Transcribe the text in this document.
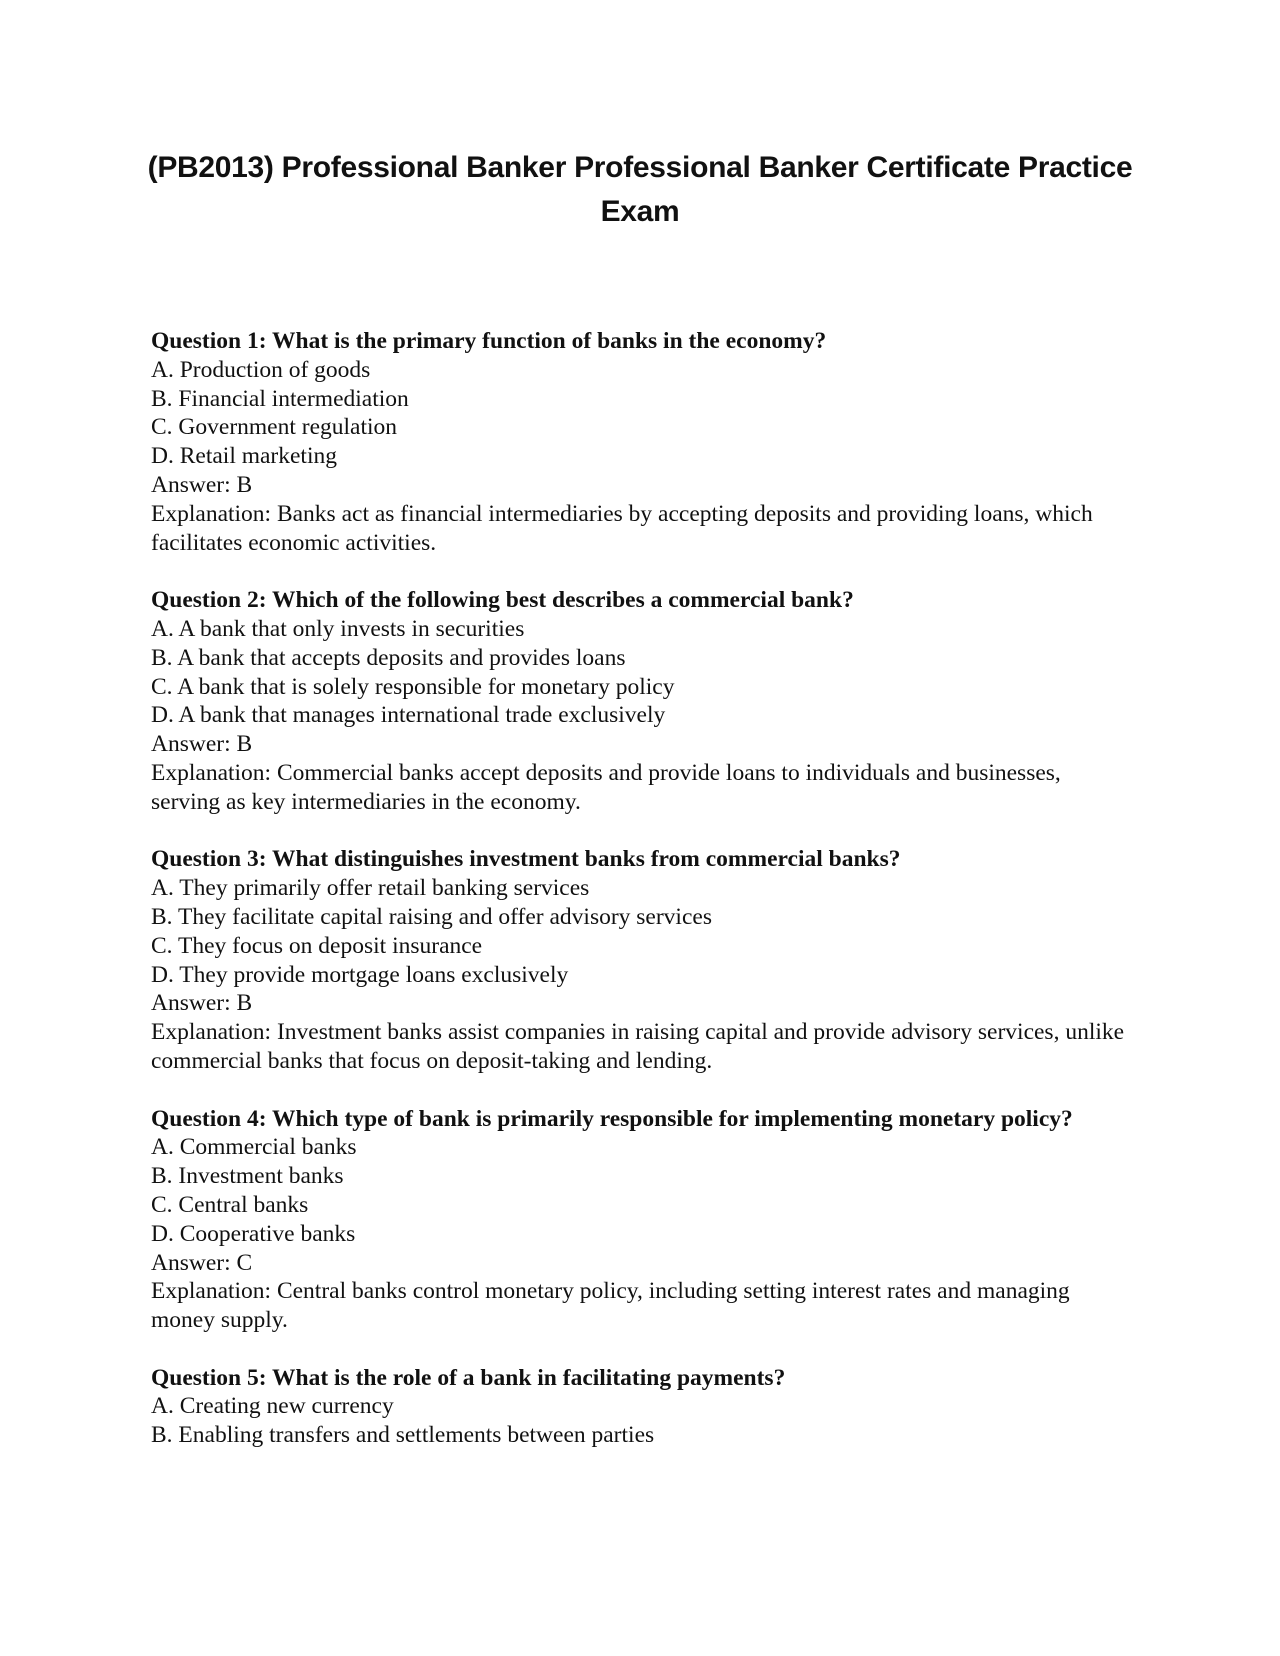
(PB2013) Professional Banker Professional Banker Certificate Practice Exam
Question 1: What is the primary function of banks in the economy?
A. Production of goods
B. Financial intermediation
C. Government regulation
D. Retail marketing
Answer: B
Explanation: Banks act as financial intermediaries by accepting deposits and providing loans, which facilitates economic activities.
Question 2: Which of the following best describes a commercial bank?
A. A bank that only invests in securities
B. A bank that accepts deposits and provides loans
C. A bank that is solely responsible for monetary policy
D. A bank that manages international trade exclusively
Answer: B
Explanation: Commercial banks accept deposits and provide loans to individuals and businesses, serving as key intermediaries in the economy.
Question 3: What distinguishes investment banks from commercial banks?
A. They primarily offer retail banking services
B. They facilitate capital raising and offer advisory services
C. They focus on deposit insurance
D. They provide mortgage loans exclusively
Answer: B
Explanation: Investment banks assist companies in raising capital and provide advisory services, unlike commercial banks that focus on deposit-taking and lending.
Question 4: Which type of bank is primarily responsible for implementing monetary policy?
A. Commercial banks
B. Investment banks
C. Central banks
D. Cooperative banks
Answer: C
Explanation: Central banks control monetary policy, including setting interest rates and managing money supply.
Question 5: What is the role of a bank in facilitating payments?
A. Creating new currency
B. Enabling transfers and settlements between parties
